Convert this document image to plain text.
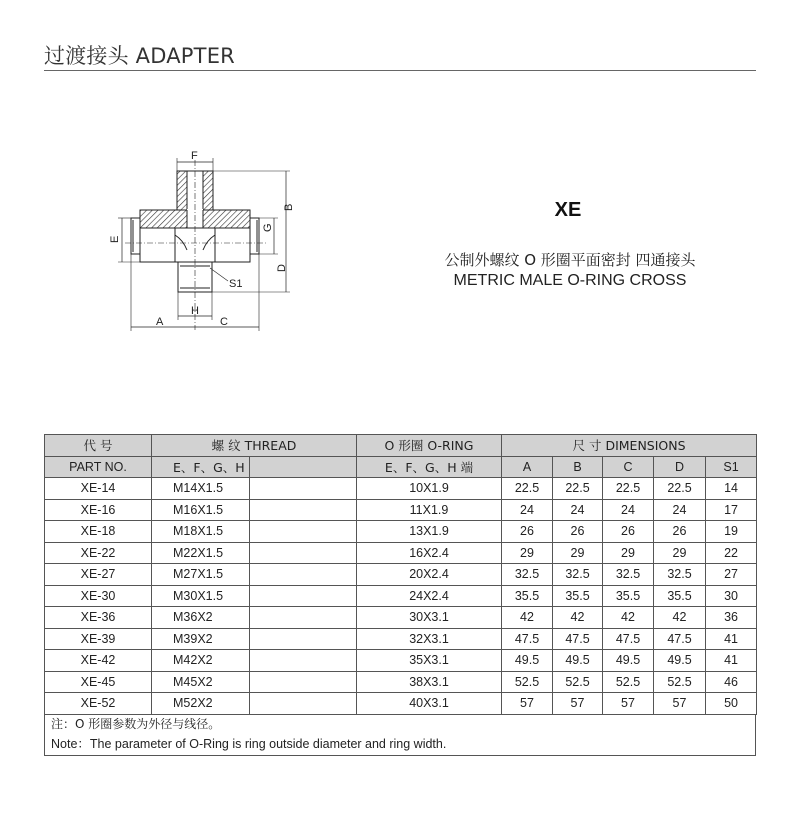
过渡接头 ADAPTER
F
B
E
G
D
S1
H
A	C
XE
公制外螺纹 O 形圈平面密封 四通接头
METRIC MALE O-RING CROSS
代 号	螺 纹 THREAD		O 形圈 O-RING	尺 寸 DIMENSIONS				
PART NO.	E、F、G、H		E、F、G、H 端	A	B	C	D	S1
XE-14	M14X1.5		10X1.9	22.5	22.5	22.5	22.5	14
XE-16	M16X1.5		11X1.9	24	24	24	24	17
XE-18	M18X1.5		13X1.9	26	26	26	26	19
XE-22	M22X1.5		16X2.4	29	29	29	29	22
XE-27	M27X1.5		20X2.4	32.5	32.5	32.5	32.5	27
XE-30	M30X1.5		24X2.4	35.5	35.5	35.5	35.5	30
XE-36	M36X2		30X3.1	42	42	42	42	36
XE-39	M39X2		32X3.1	47.5	47.5	47.5	47.5	41
XE-42	M42X2		35X3.1	49.5	49.5	49.5	49.5	41
XE-45	M45X2		38X3.1	52.5	52.5	52.5	52.5	46
XE-52	M52X2		40X3.1	57	57	57	57	50
注：O 形圈参数为外径与线径。
Note：The parameter of O-Ring is ring outside diameter and ring width.
